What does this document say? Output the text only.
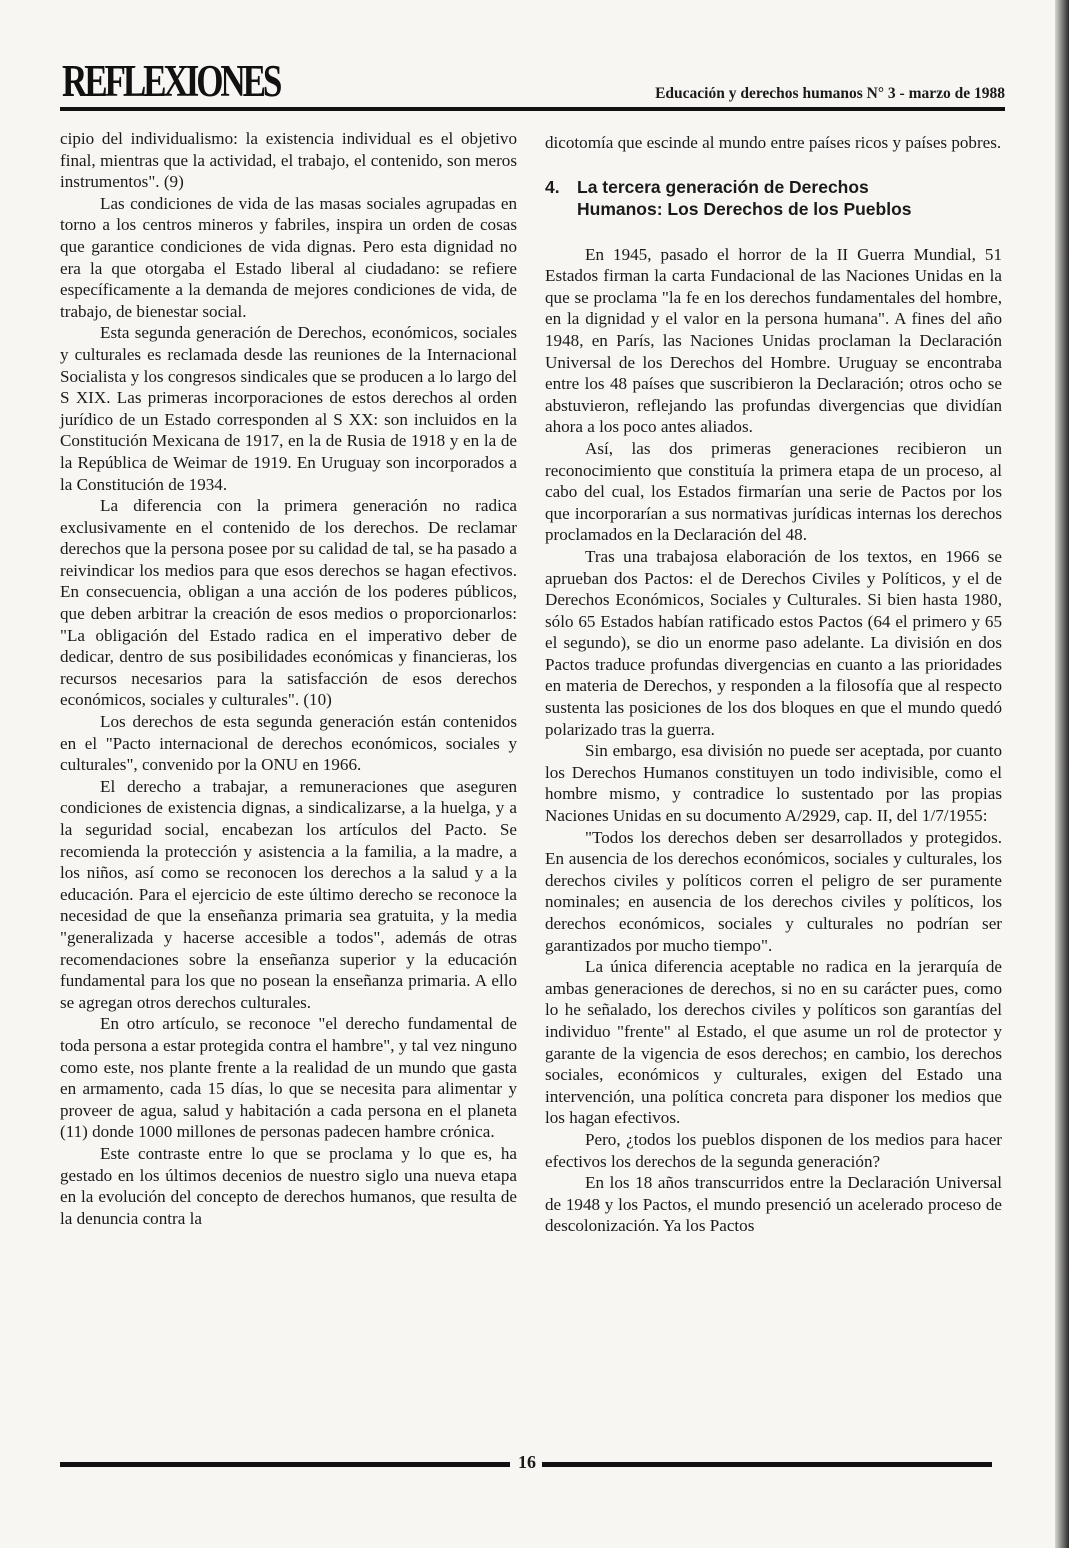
REFLEXIONES	Educación y derechos humanos N° 3 - marzo de 1988

cipio del individualismo: la existencia individual es el objetivo final, mientras que la actividad, el trabajo, el contenido, son meros instrumentos". (9)

Las condiciones de vida de las masas sociales agrupadas en torno a los centros mineros y fabriles, inspira un orden de cosas que garantice condiciones de vida dignas. Pero esta dignidad no era la que otorgaba el Estado liberal al ciudadano: se refiere específicamente a la demanda de mejores condiciones de vida, de trabajo, de bienestar social.

Esta segunda generación de Derechos, económicos, sociales y culturales es reclamada desde las reuniones de la Internacional Socialista y los congresos sindicales que se producen a lo largo del S XIX. Las primeras incorporaciones de estos derechos al orden jurídico de un Estado corresponden al S XX: son incluidos en la Constitución Mexicana de 1917, en la de Rusia de 1918 y en la de la República de Weimar de 1919. En Uruguay son incorporados a la Constitución de 1934.

La diferencia con la primera generación no radica exclusivamente en el contenido de los derechos. De reclamar derechos que la persona posee por su calidad de tal, se ha pasado a reivindicar los medios para que esos derechos se hagan efectivos. En consecuencia, obligan a una acción de los poderes públicos, que deben arbitrar la creación de esos medios o proporcionarlos: "La obligación del Estado radica en el imperativo deber de dedicar, dentro de sus posibilidades económicas y financieras, los recursos necesarios para la satisfacción de esos derechos económicos, sociales y culturales". (10)

Los derechos de esta segunda generación están contenidos en el "Pacto internacional de derechos económicos, sociales y culturales", convenido por la ONU en 1966.

El derecho a trabajar, a remuneraciones que aseguren condiciones de existencia dignas, a sindicalizarse, a la huelga, y a la seguridad social, encabezan los artículos del Pacto. Se recomienda la protección y asistencia a la familia, a la madre, a los niños, así como se reconocen los derechos a la salud y a la educación. Para el ejercicio de este último derecho se reconoce la necesidad de que la enseñanza primaria sea gratuita, y la media "generalizada y hacerse accesible a todos", además de otras recomendaciones sobre la enseñanza superior y la educación fundamental para los que no posean la enseñanza primaria. A ello se agregan otros derechos culturales.

En otro artículo, se reconoce "el derecho fundamental de toda persona a estar protegida contra el hambre", y tal vez ninguno como este, nos plante frente a la realidad de un mundo que gasta en armamento, cada 15 días, lo que se necesita para alimentar y proveer de agua, salud y habitación a cada persona en el planeta (11) donde 1000 millones de personas padecen hambre crónica.

Este contraste entre lo que se proclama y lo que es, ha gestado en los últimos decenios de nuestro siglo una nueva etapa en la evolución del concepto de derechos humanos, que resulta de la denuncia contra la

dicotomía que escinde al mundo entre países ricos y países pobres.

4. La tercera generación de Derechos
Humanos: Los Derechos de los Pueblos

En 1945, pasado el horror de la II Guerra Mundial, 51 Estados firman la carta Fundacional de las Naciones Unidas en la que se proclama "la fe en los derechos fundamentales del hombre, en la dignidad y el valor en la persona humana". A fines del año 1948, en París, las Naciones Unidas proclaman la Declaración Universal de los Derechos del Hombre. Uruguay se encontraba entre los 48 países que suscribieron la Declaración; otros ocho se abstuvieron, reflejando las profundas divergencias que dividían ahora a los poco antes aliados.

Así, las dos primeras generaciones recibieron un reconocimiento que constituía la primera etapa de un proceso, al cabo del cual, los Estados firmarían una serie de Pactos por los que incorporarían a sus normativas jurídicas internas los derechos proclamados en la Declaración del 48.

Tras una trabajosa elaboración de los textos, en 1966 se aprueban dos Pactos: el de Derechos Civiles y Políticos, y el de Derechos Económicos, Sociales y Culturales. Si bien hasta 1980, sólo 65 Estados habían ratificado estos Pactos (64 el primero y 65 el segundo), se dio un enorme paso adelante. La división en dos Pactos traduce profundas divergencias en cuanto a las prioridades en materia de Derechos, y responden a la filosofía que al respecto sustenta las posiciones de los dos bloques en que el mundo quedó polarizado tras la guerra.

Sin embargo, esa división no puede ser aceptada, por cuanto los Derechos Humanos constituyen un todo indivisible, como el hombre mismo, y contradice lo sustentado por las propias Naciones Unidas en su documento A/2929, cap. II, del 1/7/1955:

"Todos los derechos deben ser desarrollados y protegidos. En ausencia de los derechos económicos, sociales y culturales, los derechos civiles y políticos corren el peligro de ser puramente nominales; en ausencia de los derechos civiles y políticos, los derechos económicos, sociales y culturales no podrían ser garantizados por mucho tiempo".

La única diferencia aceptable no radica en la jerarquía de ambas generaciones de derechos, si no en su carácter pues, como lo he señalado, los derechos civiles y políticos son garantías del individuo "frente" al Estado, el que asume un rol de protector y garante de la vigencia de esos derechos; en cambio, los derechos sociales, económicos y culturales, exigen del Estado una intervención, una política concreta para disponer los medios que los hagan efectivos.

Pero, ¿todos los pueblos disponen de los medios para hacer efectivos los derechos de la segunda generación?

En los 18 años transcurridos entre la Declaración Universal de 1948 y los Pactos, el mundo presenció un acelerado proceso de descolonización. Ya los Pactos

16
